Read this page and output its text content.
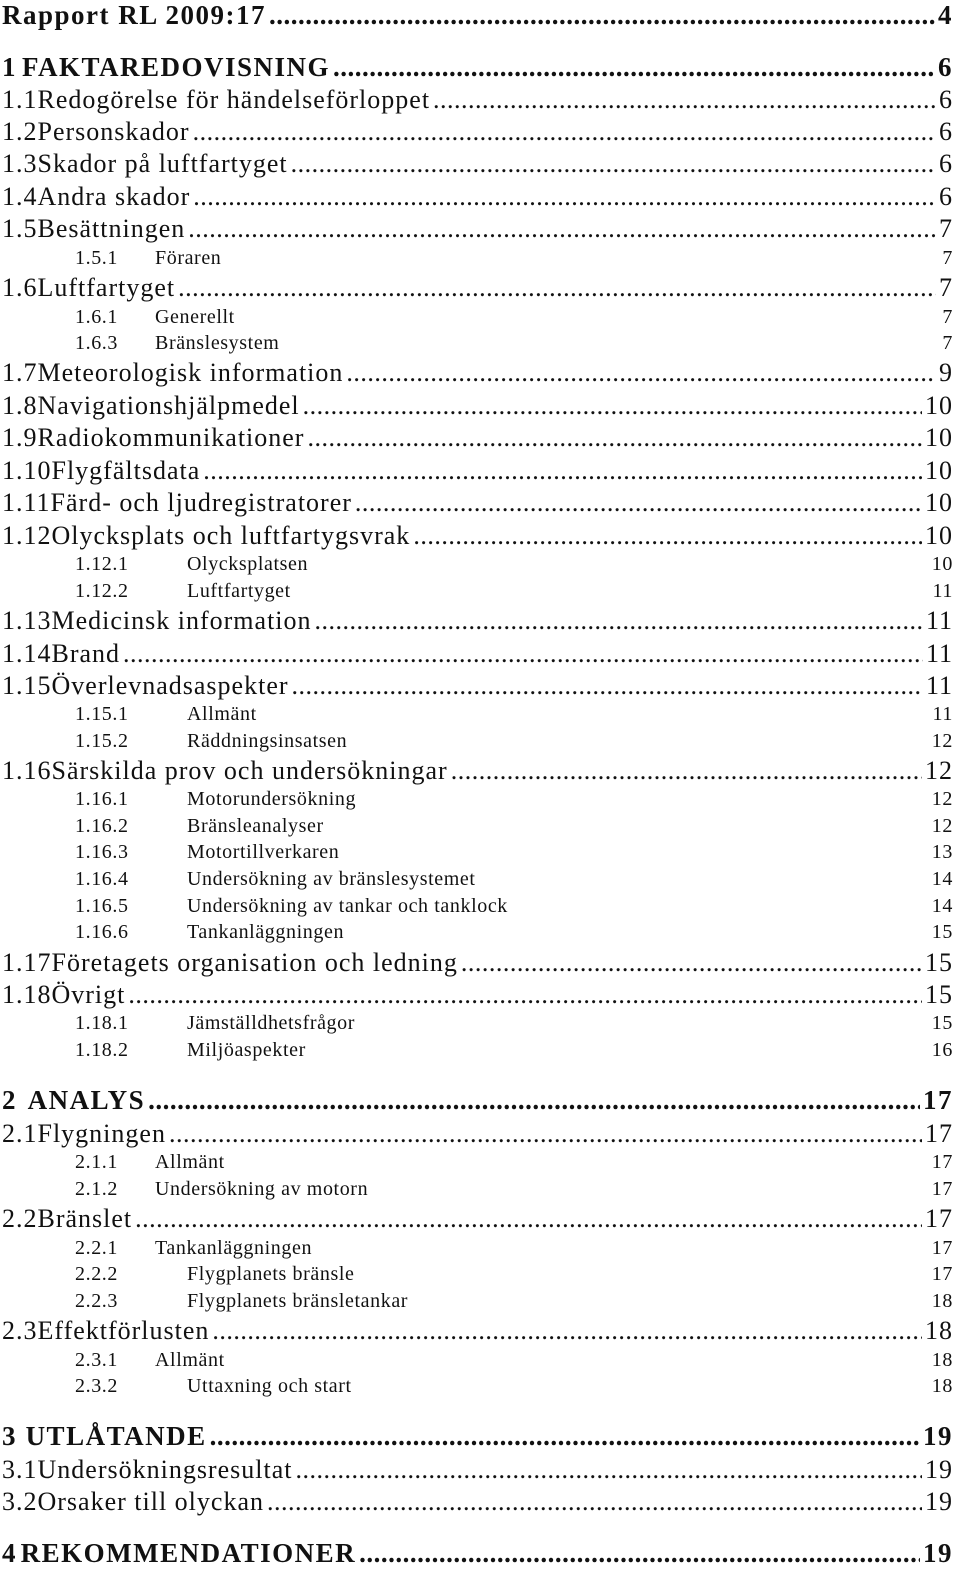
Rapport RL 2009:17 .....	4
1 FAKTAREDOVISNING .....	6
1.1 Redogörelse för händelseförloppet .....	6
1.2 Personskador .....	6
1.3 Skador på luftfartyget .....	6
1.4 Andra skador .....	6
1.5 Besättningen .....	7
1.5.1	Föraren	7
1.6 Luftfartyget .....	7
1.6.1	Generellt	7
1.6.3	Bränslesystem	7
1.7 Meteorologisk information .....	9
1.8 Navigationshjälpmedel .....	10
1.9 Radiokommunikationer .....	10
1.10 Flygfältsdata .....	10
1.11 Färd- och ljudregistratorer .....	10
1.12 Olycksplats och luftfartygsvrak .....	10
1.12.1	Olycksplatsen	10
1.12.2	Luftfartyget	11
1.13 Medicinsk information .....	11
1.14 Brand .....	11
1.15 Överlevnadsaspekter .....	11
1.15.1	Allmänt	11
1.15.2	Räddningsinsatsen	12
1.16 Särskilda prov och undersökningar .....	12
1.16.1	Motorundersökning	12
1.16.2	Bränsleanalyser	12
1.16.3	Motortillverkaren	13
1.16.4	Undersökning av bränslesystemet	14
1.16.5	Undersökning av tankar och tanklock	14
1.16.6	Tankanläggningen	15
1.17 Företagets organisation och ledning .....	15
1.18 Övrigt .....	15
1.18.1	Jämställdhetsfrågor	15
1.18.2	Miljöaspekter	16
2 ANALYS .....	17
2.1 Flygningen .....	17
2.1.1	Allmänt	17
2.1.2	Undersökning av motorn	17
2.2 Bränslet .....	17
2.2.1	Tankanläggningen	17
2.2.2	Flygplanets bränsle	17
2.2.3	Flygplanets bränsletankar	18
2.3 Effektförlusten .....	18
2.3.1	Allmänt	18
2.3.2	Uttaxning och start	18
3 UTLÅTANDE .....	19
3.1 Undersökningsresultat .....	19
3.2 Orsaker till olyckan .....	19
4 REKOMMENDATIONER .....	19
